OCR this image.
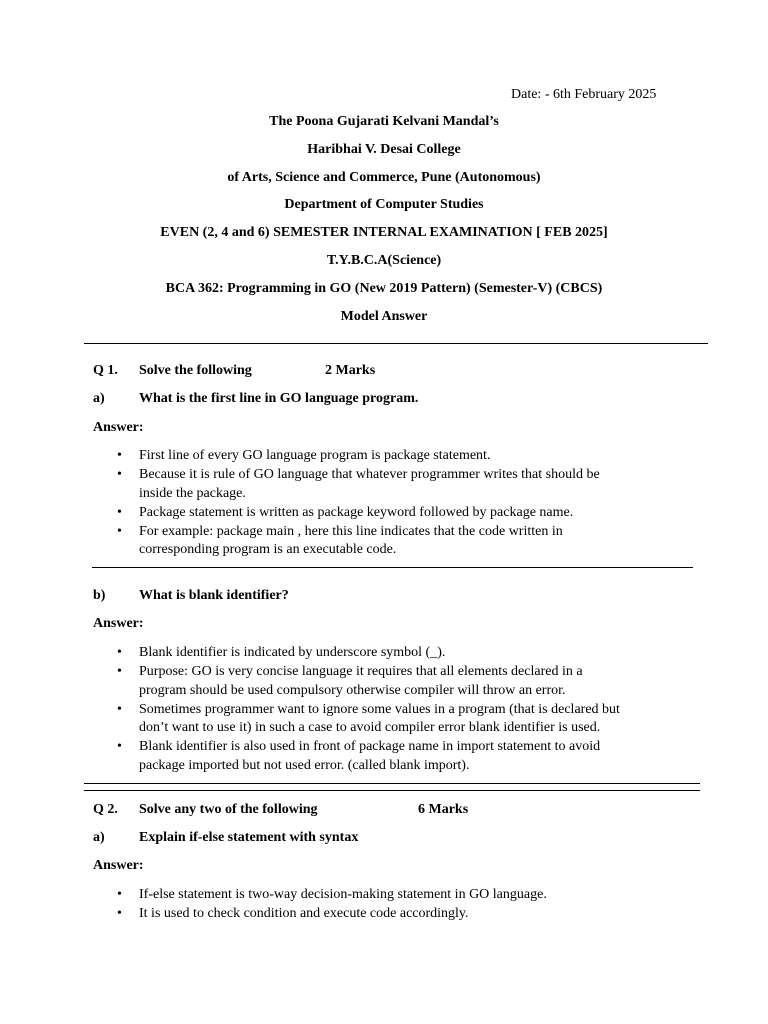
Date: - 6th February 2025
The Poona Gujarati Kelvani Mandal’s
Haribhai V. Desai College
of Arts, Science and Commerce, Pune (Autonomous)
Department of Computer Studies
EVEN (2, 4 and 6) SEMESTER INTERNAL EXAMINATION [ FEB 2025]
T.Y.B.C.A(Science)
BCA 362: Programming in GO (New 2019 Pattern) (Semester-V) (CBCS)
Model Answer
Q 1. Solve the following	2 Marks
a) What is the first line in GO language program.
Answer:
• First line of every GO language program is package statement.
• Because it is rule of GO language that whatever programmer writes that should be
inside the package.
• Package statement is written as package keyword followed by package name.
• For example: package main , here this line indicates that the code written in
corresponding program is an executable code.
b) What is blank identifier?
Answer:
• Blank identifier is indicated by underscore symbol (_).
• Purpose: GO is very concise language it requires that all elements declared in a
program should be used compulsory otherwise compiler will throw an error.
• Sometimes programmer want to ignore some values in a program (that is declared but
don’t want to use it) in such a case to avoid compiler error blank identifier is used.
• Blank identifier is also used in front of package name in import statement to avoid
package imported but not used error. (called blank import).
Q 2. Solve any two of the following	6 Marks
a) Explain if-else statement with syntax
Answer:
• If-else statement is two-way decision-making statement in GO language.
• It is used to check condition and execute code accordingly.
